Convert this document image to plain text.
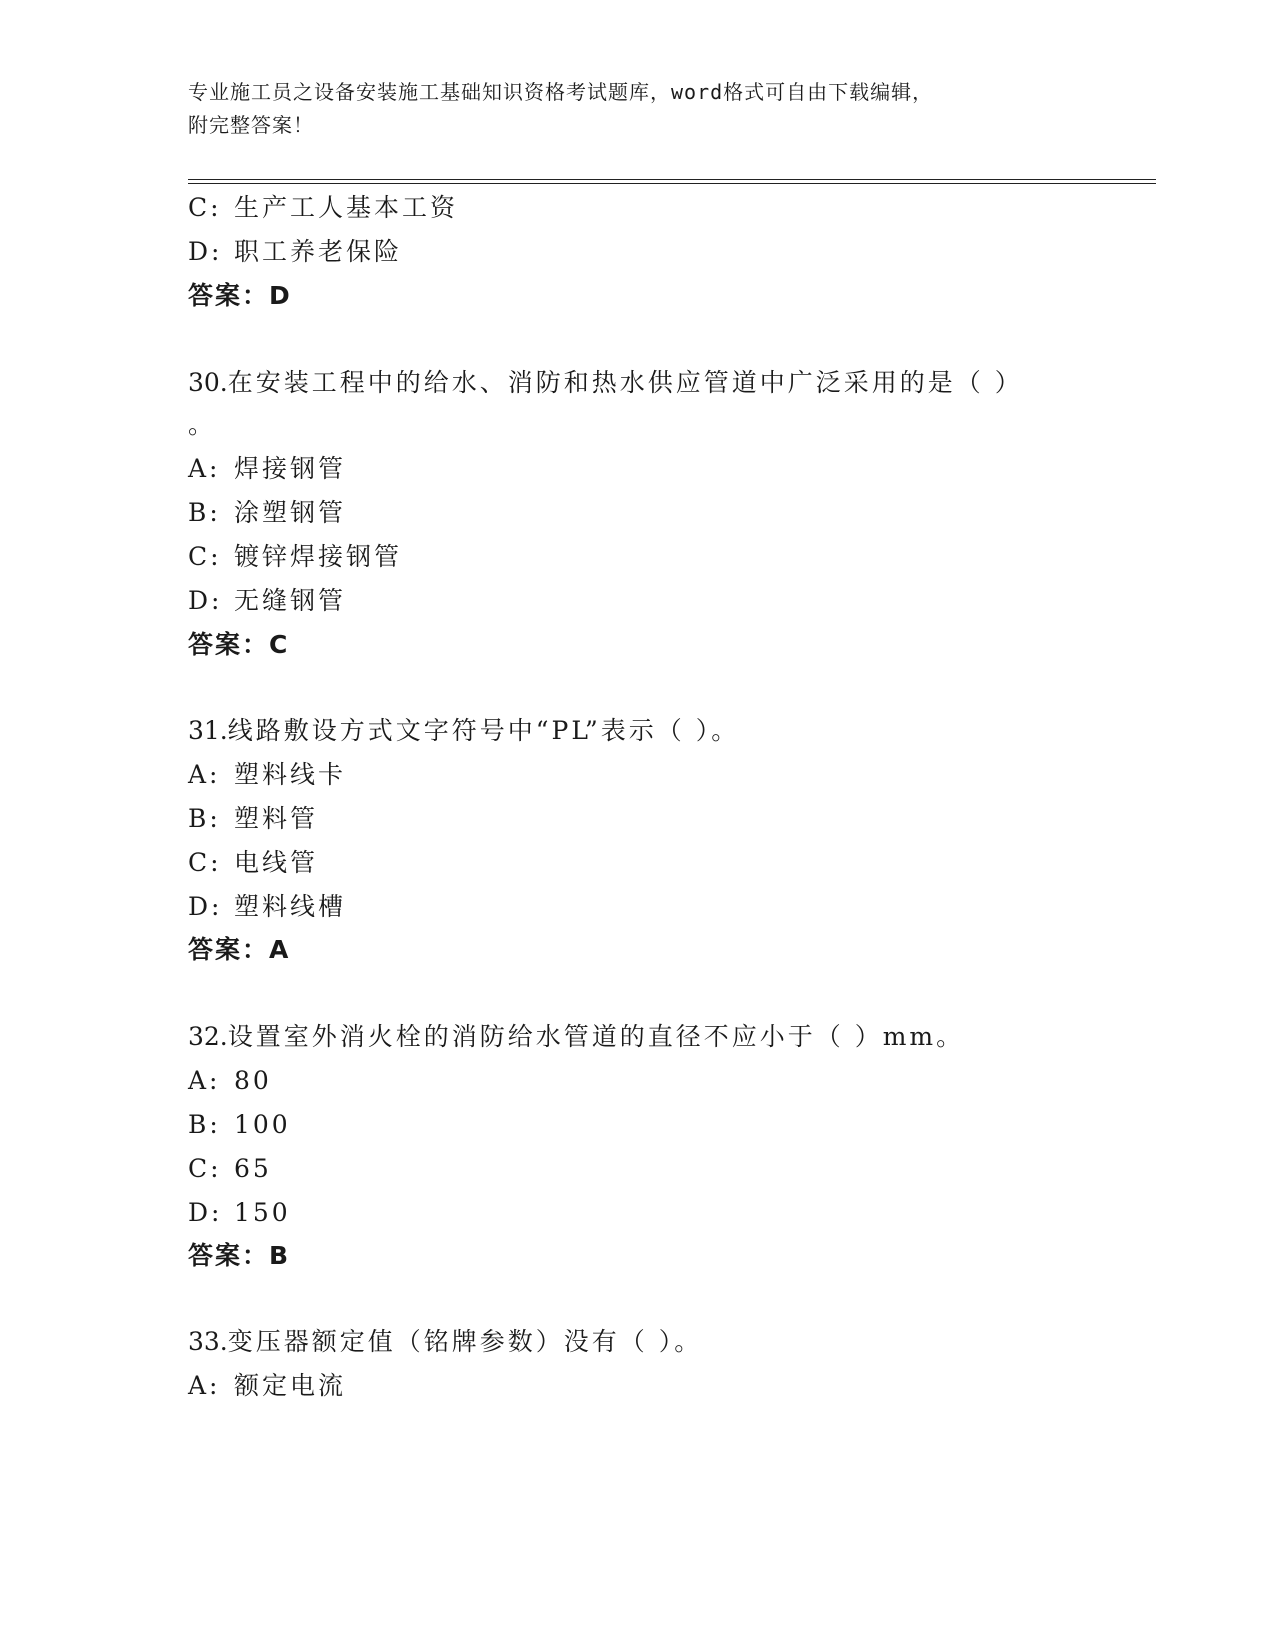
专业施工员之设备安装施工基础知识资格考试题库，word格式可自由下载编辑，
附完整答案！
C: 生产工人基本工资
D: 职工养老保险
答案：D
30.在安装工程中的给水、消防和热水供应管道中广泛采用的是（ ）
。
A: 焊接钢管
B: 涂塑钢管
C: 镀锌焊接钢管
D: 无缝钢管
答案：C
31.线路敷设方式文字符号中“PL”表示（ ）。
A: 塑料线卡
B: 塑料管
C: 电线管
D: 塑料线槽
答案：A
32.设置室外消火栓的消防给水管道的直径不应小于（ ）mm。
A: 80
B: 100
C: 65
D: 150
答案：B
33.变压器额定值（铭牌参数）没有（ ）。
A: 额定电流
